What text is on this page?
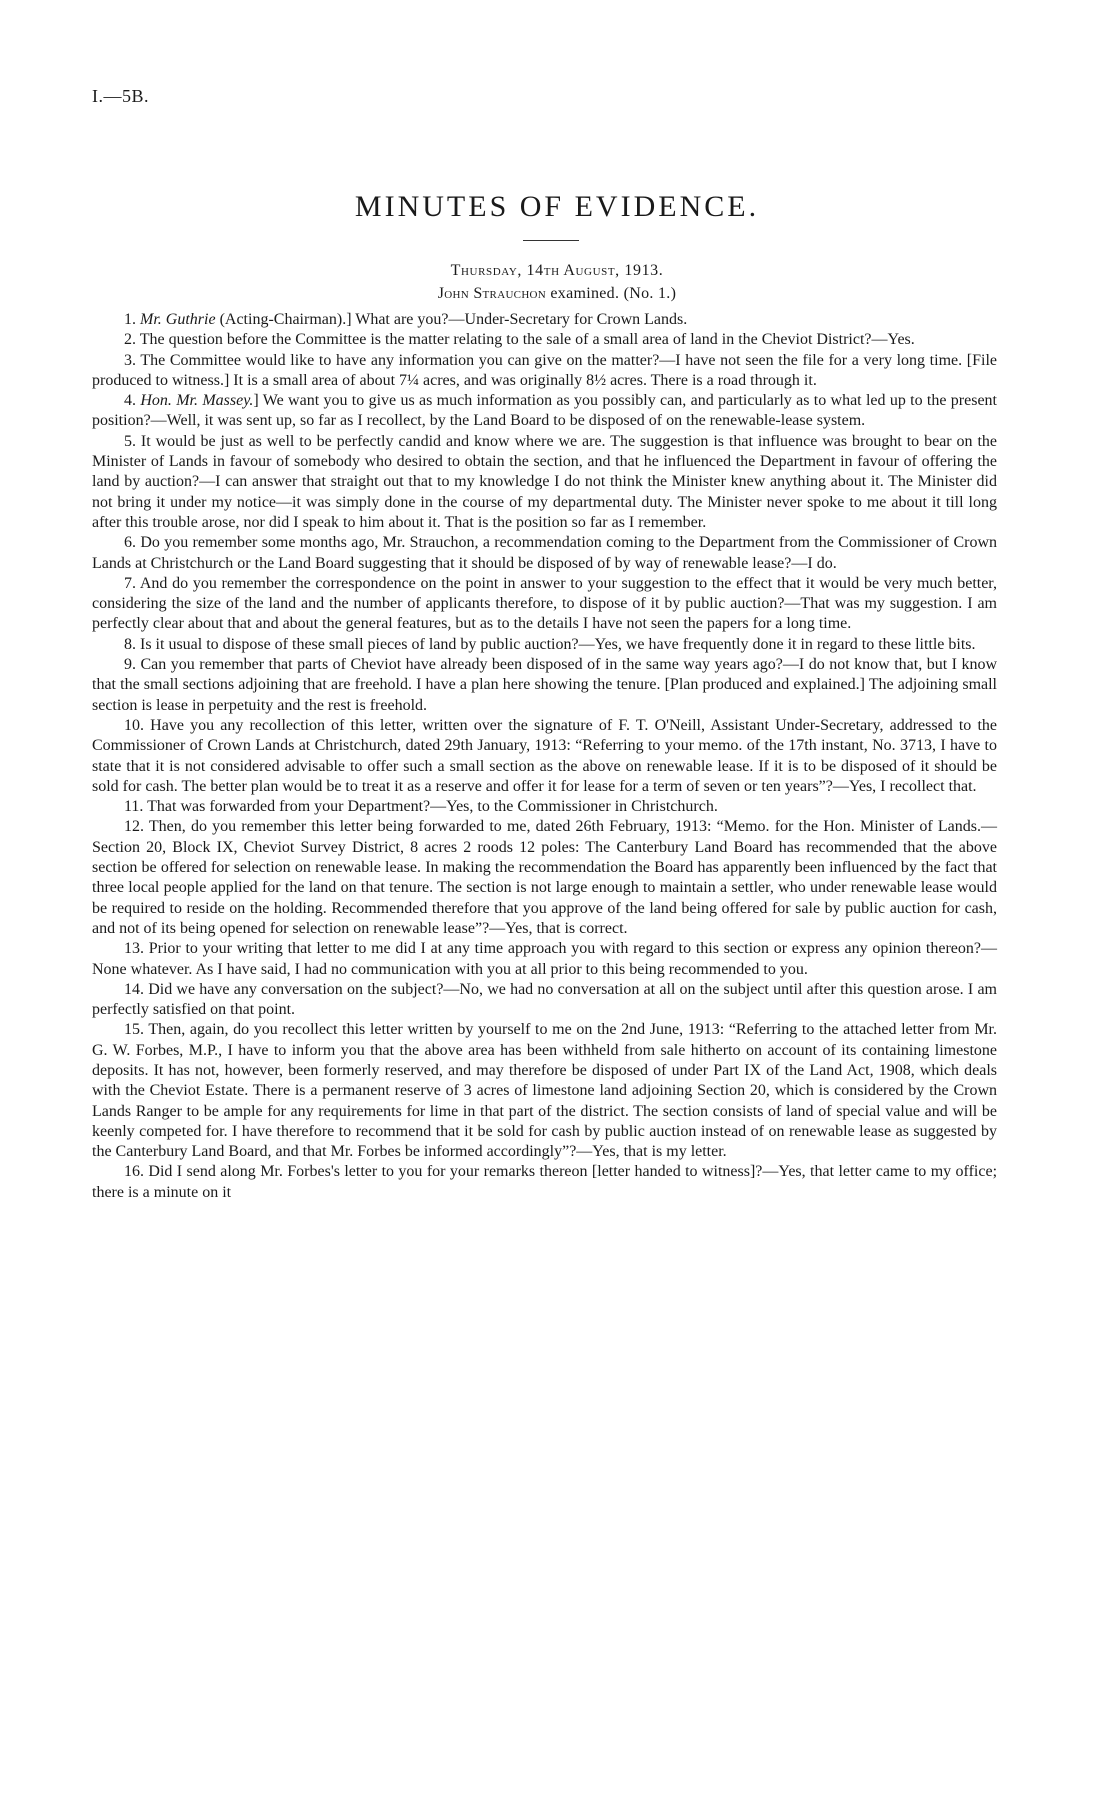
I.—5B.
MINUTES OF EVIDENCE.
Thursday, 14th August, 1913.
John Strauchon examined. (No. 1.)

1. Mr. Guthrie (Acting-Chairman).] What are you?—Under-Secretary for Crown Lands.

2. The question before the Committee is the matter relating to the sale of a small area of land in the Cheviot District?—Yes.

3. The Committee would like to have any information you can give on the matter?—I have not seen the file for a very long time. [File produced to witness.] It is a small area of about 7¼ acres, and was originally 8½ acres. There is a road through it.

4. Hon. Mr. Massey.] We want you to give us as much information as you possibly can, and particularly as to what led up to the present position?—Well, it was sent up, so far as I recollect, by the Land Board to be disposed of on the renewable-lease system.

5. It would be just as well to be perfectly candid and know where we are. The suggestion is that influence was brought to bear on the Minister of Lands in favour of somebody who desired to obtain the section, and that he influenced the Department in favour of offering the land by auction?—I can answer that straight out that to my knowledge I do not think the Minister knew anything about it. The Minister did not bring it under my notice—it was simply done in the course of my departmental duty. The Minister never spoke to me about it till long after this trouble arose, nor did I speak to him about it. That is the position so far as I remember.

6. Do you remember some months ago, Mr. Strauchon, a recommendation coming to the Department from the Commissioner of Crown Lands at Christchurch or the Land Board suggesting that it should be disposed of by way of renewable lease?—I do.

7. And do you remember the correspondence on the point in answer to your suggestion to the effect that it would be very much better, considering the size of the land and the number of applicants therefore, to dispose of it by public auction?—That was my suggestion. I am perfectly clear about that and about the general features, but as to the details I have not seen the papers for a long time.

8. Is it usual to dispose of these small pieces of land by public auction?—Yes, we have frequently done it in regard to these little bits.

9. Can you remember that parts of Cheviot have already been disposed of in the same way years ago?—I do not know that, but I know that the small sections adjoining that are freehold. I have a plan here showing the tenure. [Plan produced and explained.] The adjoining small section is lease in perpetuity and the rest is freehold.

10. Have you any recollection of this letter, written over the signature of F. T. O'Neill, Assistant Under-Secretary, addressed to the Commissioner of Crown Lands at Christchurch, dated 29th January, 1913: “Referring to your memo. of the 17th instant, No. 3713, I have to state that it is not considered advisable to offer such a small section as the above on renewable lease. If it is to be disposed of it should be sold for cash. The better plan would be to treat it as a reserve and offer it for lease for a term of seven or ten years”?—Yes, I recollect that.

11. That was forwarded from your Department?—Yes, to the Commissioner in Christchurch.

12. Then, do you remember this letter being forwarded to me, dated 26th February, 1913: “Memo. for the Hon. Minister of Lands.—Section 20, Block IX, Cheviot Survey District, 8 acres 2 roods 12 poles: The Canterbury Land Board has recommended that the above section be offered for selection on renewable lease. In making the recommendation the Board has apparently been influenced by the fact that three local people applied for the land on that tenure. The section is not large enough to maintain a settler, who under renewable lease would be required to reside on the holding. Recommended therefore that you approve of the land being offered for sale by public auction for cash, and not of its being opened for selection on renewable lease”?—Yes, that is correct.

13. Prior to your writing that letter to me did I at any time approach you with regard to this section or express any opinion thereon?—None whatever. As I have said, I had no communication with you at all prior to this being recommended to you.

14. Did we have any conversation on the subject?—No, we had no conversation at all on the subject until after this question arose. I am perfectly satisfied on that point.

15. Then, again, do you recollect this letter written by yourself to me on the 2nd June, 1913: “Referring to the attached letter from Mr. G. W. Forbes, M.P., I have to inform you that the above area has been withheld from sale hitherto on account of its containing limestone deposits. It has not, however, been formerly reserved, and may therefore be disposed of under Part IX of the Land Act, 1908, which deals with the Cheviot Estate. There is a permanent reserve of 3 acres of limestone land adjoining Section 20, which is considered by the Crown Lands Ranger to be ample for any requirements for lime in that part of the district. The section consists of land of special value and will be keenly competed for. I have therefore to recommend that it be sold for cash by public auction instead of on renewable lease as suggested by the Canterbury Land Board, and that Mr. Forbes be informed accordingly”?—Yes, that is my letter.

16. Did I send along Mr. Forbes's letter to you for your remarks thereon [letter handed to witness]?—Yes, that letter came to my office; there is a minute on it
